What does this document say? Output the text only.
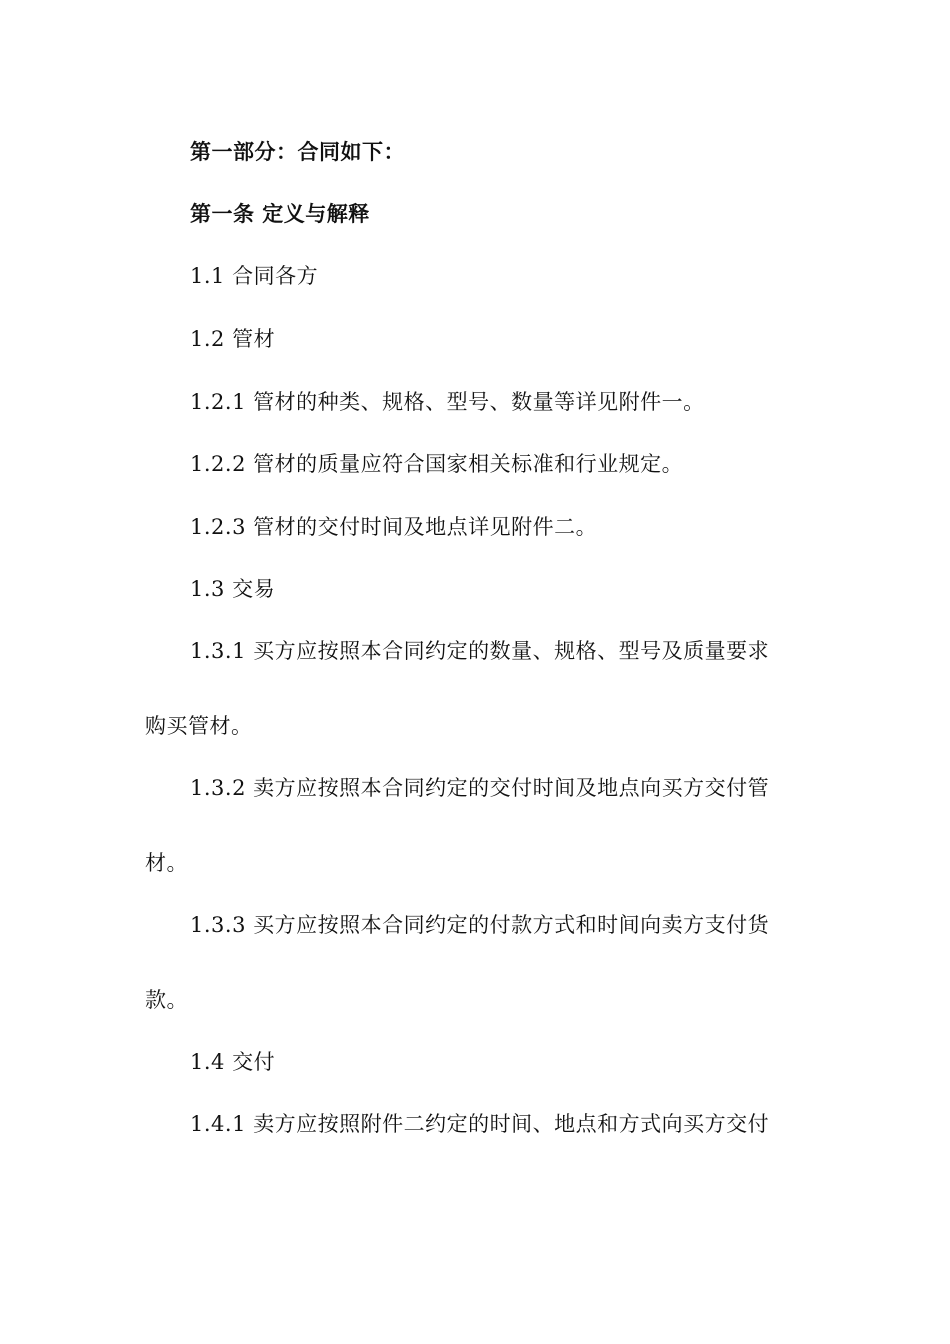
第一部分：合同如下：
第一条 定义与解释
1.1 合同各方
1.2 管材
1.2.1 管材的种类、规格、型号、数量等详见附件一。
1.2.2 管材的质量应符合国家相关标准和行业规定。
1.2.3 管材的交付时间及地点详见附件二。
1.3 交易
1.3.1 买方应按照本合同约定的数量、规格、型号及质量要求
购买管材。
1.3.2 卖方应按照本合同约定的交付时间及地点向买方交付管
材。
1.3.3 买方应按照本合同约定的付款方式和时间向卖方支付货
款。
1.4 交付
1.4.1 卖方应按照附件二约定的时间、地点和方式向买方交付
